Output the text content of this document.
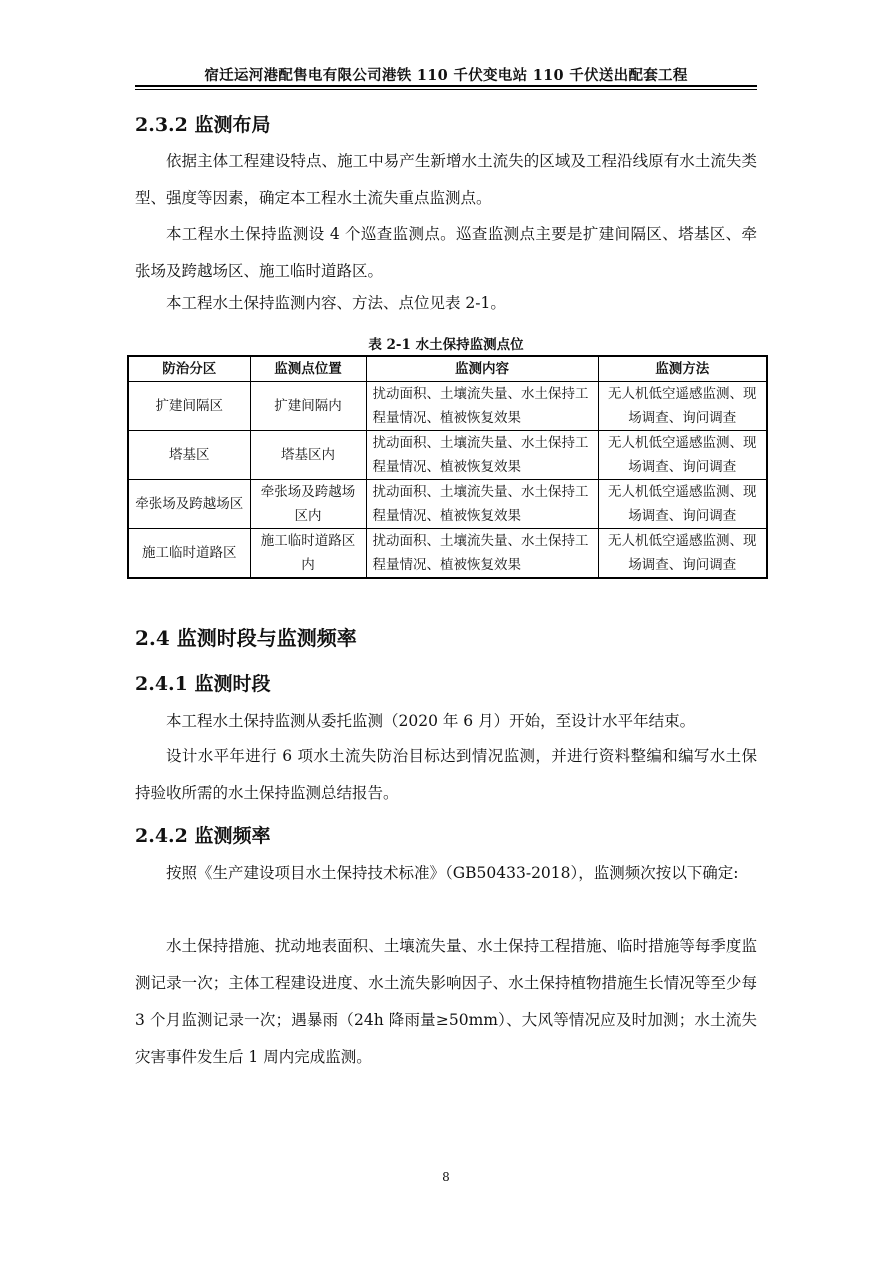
宿迁运河港配售电有限公司港铁 110 千伏变电站 110 千伏送出配套工程
2.3.2 监测布局

依据主体工程建设特点、施工中易产生新增水土流失的区域及工程沿线原有水土流失类型、强度等因素，确定本工程水土流失重点监测点。

本工程水土保持监测设 4 个巡查监测点。巡查监测点主要是扩建间隔区、塔基区、牵张场及跨越场区、施工临时道路区。

本工程水土保持监测内容、方法、点位见表 2-1。

表 2-1 水土保持监测点位
防治分区	监测点位置	监测内容	监测方法
扩建间隔区	扩建间隔内	扰动面积、土壤流失量、水土保持工程量情况、植被恢复效果	无人机低空遥感监测、现场调查、询问调查
塔基区	塔基区内	扰动面积、土壤流失量、水土保持工程量情况、植被恢复效果	无人机低空遥感监测、现场调查、询问调查
牵张场及跨越场区	牵张场及跨越场区内	扰动面积、土壤流失量、水土保持工程量情况、植被恢复效果	无人机低空遥感监测、现场调查、询问调查
施工临时道路区	施工临时道路区内	扰动面积、土壤流失量、水土保持工程量情况、植被恢复效果	无人机低空遥感监测、现场调查、询问调查
2.4 监测时段与监测频率
2.4.1 监测时段

本工程水土保持监测从委托监测（2020 年 6 月）开始，至设计水平年结束。

设计水平年进行 6 项水土流失防治目标达到情况监测，并进行资料整编和编写水土保持验收所需的水土保持监测总结报告。

2.4.2 监测频率

按照《生产建设项目水土保持技术标准》（GB50433-2018），监测频次按以下确定:

水土保持措施、扰动地表面积、土壤流失量、水土保持工程措施、临时措施等每季度监测记录一次；主体工程建设进度、水土流失影响因子、水土保持植物措施生长情况等至少每 3 个月监测记录一次；遇暴雨（24h 降雨量≥50mm）、大风等情况应及时加测；水土流失灾害事件发生后 1 周内完成监测。

8
